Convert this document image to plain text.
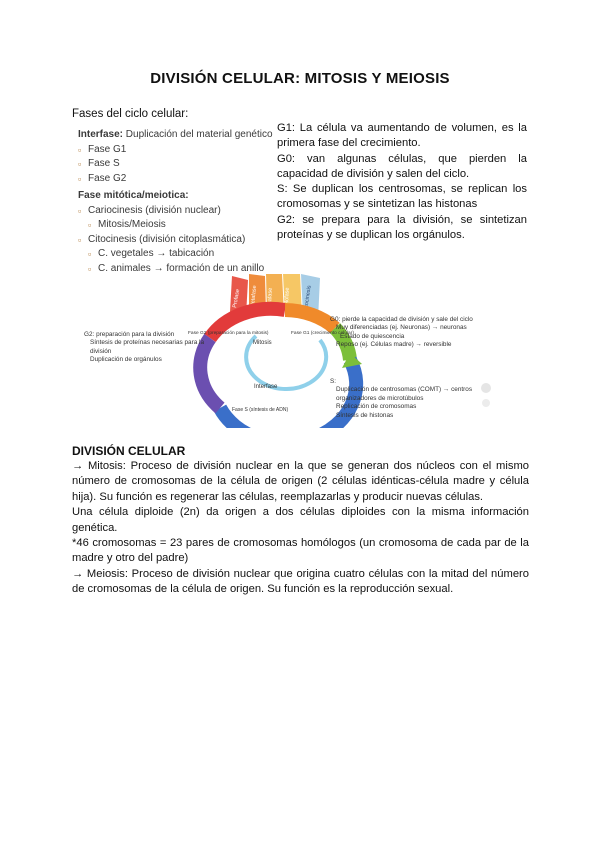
DIVISIÓN CELULAR: MITOSIS Y MEIOSIS
Fases del ciclo celular:
Interfase: Duplicación del material genético
▫ Fase G1
▫ Fase S
▫ Fase G2
Fase mitótica/meiotica:
▫ Cariocinesis (división nuclear)
▫ Mitosis/Meiosis
▫ Citocinesis (división citoplasmática)
▫ C. vegetales → tabicación
▫ C. animales → formación de un anillo

G1: La célula va aumentando de volumen, es la primera fase del crecimiento.

G0: van algunas células, que pierden la capacidad de división y salen del ciclo.

S: Se duplican los centrosomas, se replican los cromosomas y se sintetizan las histonas

G2: se prepara para la división, se sintetizan proteínas y se duplican los orgánulos.

Profase Metafase Anafase Telofase Citocinesis
Mitosis
Interfase
Fase S (síntesis de ADN)
Fase G2 (preparación para la mitosis)	Fase G1 (crecimiento celular)
G2: preparación para la división
Síntesis de proteínas necesarias para la división
Duplicación de orgánulos
G0: pierde la capacidad de división y sale del ciclo
Muy diferenciadas (ej. Neuronas) → neuronas
Estado de quiescencia
Reposo (ej. Células madre) → reversible
S:
Duplicación de centrosomas (COMT) → centros organizadores de microtúbulos
Replicación de cromosomas
Síntesis de histonas
DIVISIÓN CELULAR

→ Mitosis: Proceso de división nuclear en la que se generan dos núcleos con el mismo número de cromosomas de la célula de origen (2 células idénticas-célula madre y célula hija). Su función es regenerar las células, reemplazarlas y producir nuevas células.

Una célula diploide (2n) da origen a dos células diploides con la misma información genética.

*46 cromosomas = 23 pares de cromosomas homólogos (un cromosoma de cada par de la madre y otro del padre)

→ Meiosis: Proceso de división nuclear que origina cuatro células con la mitad del número de cromosomas de la célula de origen. Su función es la reproducción sexual.
